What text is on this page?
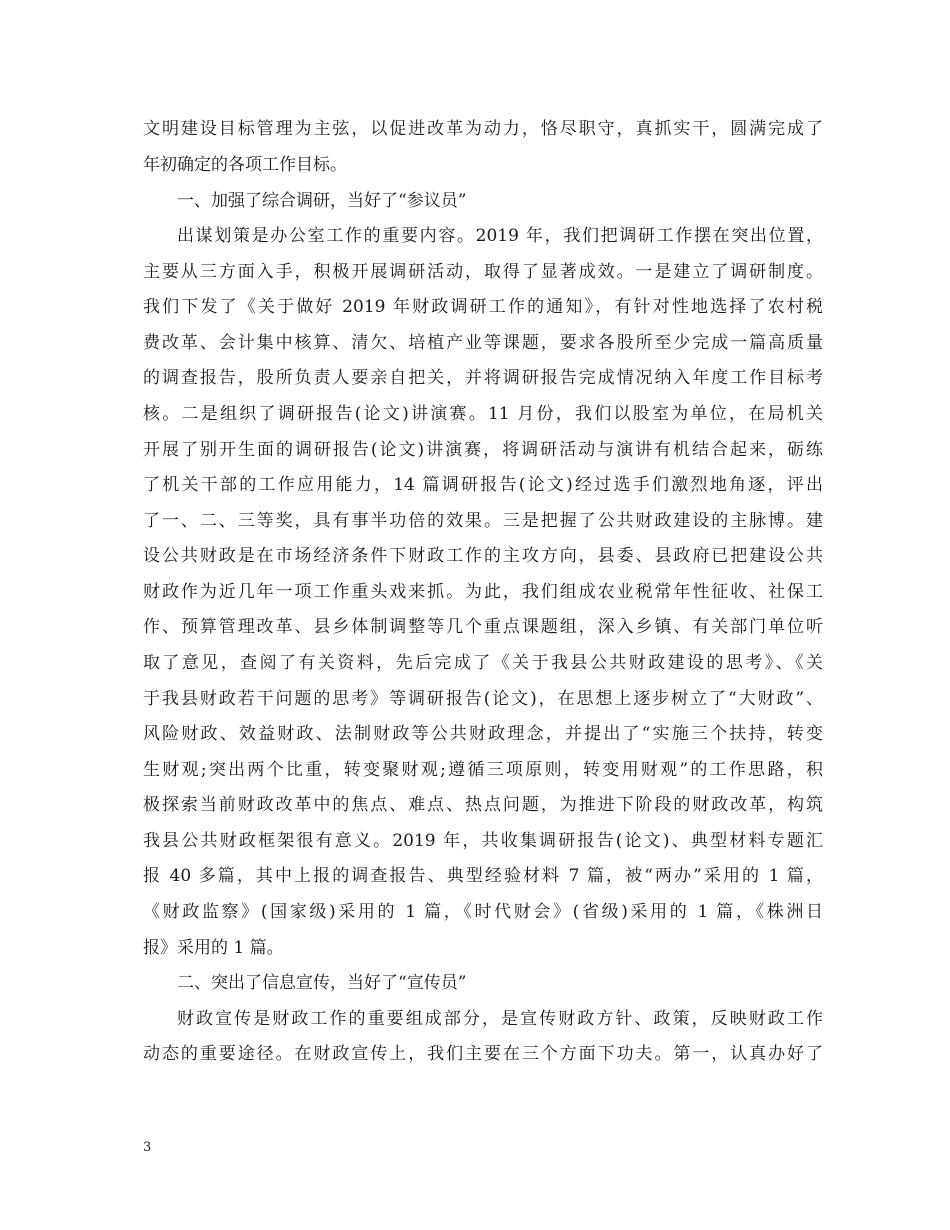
文明建设目标管理为主弦，以促进改革为动力，恪尽职守，真抓实干，圆满完成了
年初确定的各项工作目标。
一、加强了综合调研，当好了“参议员”
出谋划策是办公室工作的重要内容。2019 年，我们把调研工作摆在突出位置，
主要从三方面入手，积极开展调研活动，取得了显著成效。一是建立了调研制度。
我们下发了《关于做好 2019 年财政调研工作的通知》，有针对性地选择了农村税
费改革、会计集中核算、清欠、培植产业等课题，要求各股所至少完成一篇高质量
的调查报告，股所负责人要亲自把关，并将调研报告完成情况纳入年度工作目标考
核。二是组织了调研报告(论文)讲演赛。11 月份，我们以股室为单位，在局机关
开展了别开生面的调研报告(论文)讲演赛，将调研活动与演讲有机结合起来，砺练
了机关干部的工作应用能力，14 篇调研报告(论文)经过选手们激烈地角逐，评出
了一、二、三等奖，具有事半功倍的效果。三是把握了公共财政建设的主脉博。建
设公共财政是在市场经济条件下财政工作的主攻方向，县委、县政府已把建设公共
财政作为近几年一项工作重头戏来抓。为此，我们组成农业税常年性征收、社保工
作、预算管理改革、县乡体制调整等几个重点课题组，深入乡镇、有关部门单位听
取了意见，查阅了有关资料，先后完成了《关于我县公共财政建设的思考》、《关
于我县财政若干问题的思考》等调研报告(论文)，在思想上逐步树立了“大财政”、
风险财政、效益财政、法制财政等公共财政理念，并提出了“实施三个扶持，转变
生财观;突出两个比重，转变聚财观;遵循三项原则，转变用财观”的工作思路，积
极探索当前财政改革中的焦点、难点、热点问题，为推进下阶段的财政改革，构筑
我县公共财政框架很有意义。2019 年，共收集调研报告(论文)、典型材料专题汇
报 40 多篇，其中上报的调查报告、典型经验材料 7 篇，被“两办”采用的 1 篇，
《财政监察》(国家级)采用的 1 篇，《时代财会》(省级)采用的 1 篇，《株洲日
报》采用的 1 篇。
二、突出了信息宣传，当好了“宣传员”
财政宣传是财政工作的重要组成部分，是宣传财政方针、政策，反映财政工作
动态的重要途径。在财政宣传上，我们主要在三个方面下功夫。第一，认真办好了
3
